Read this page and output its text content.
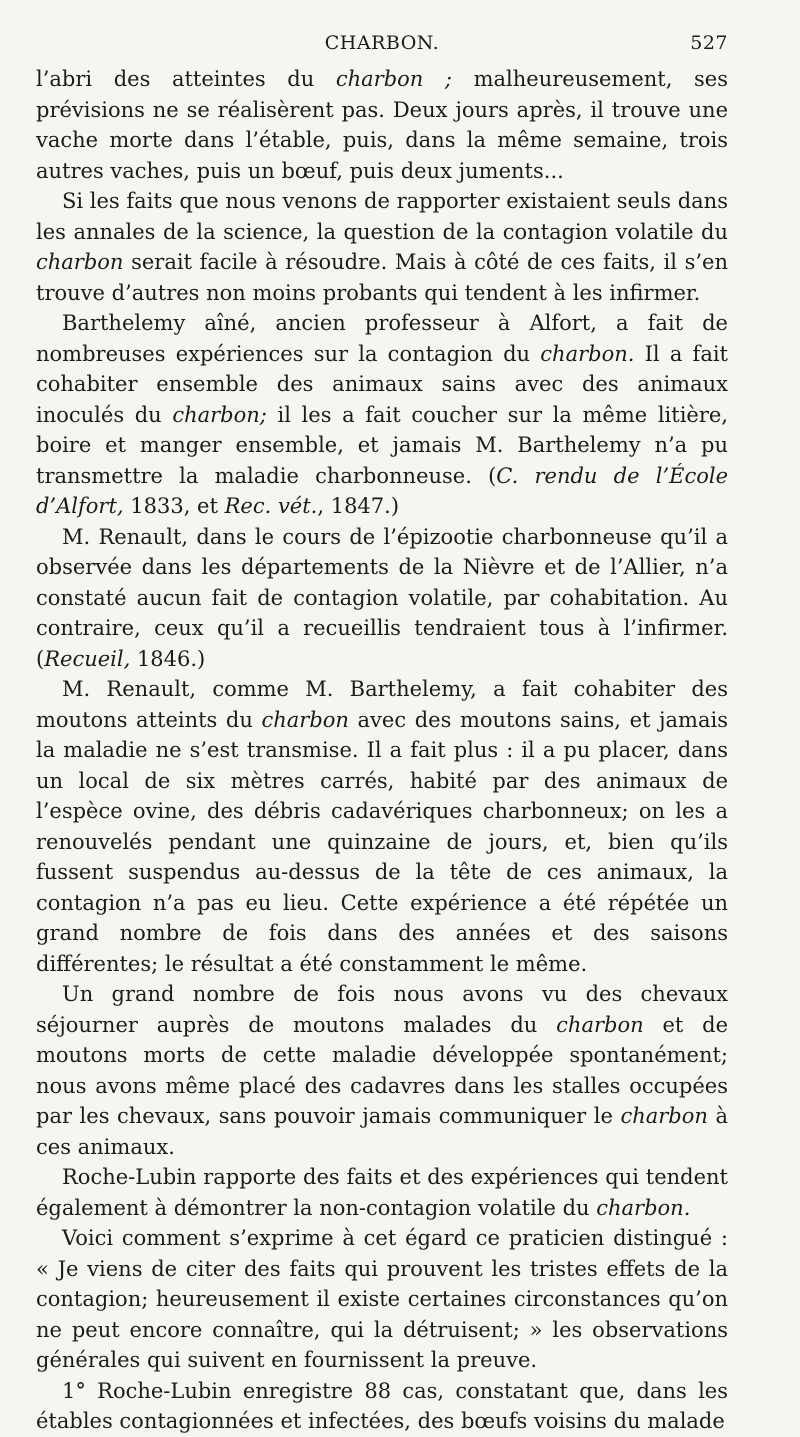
CHARBON.	527

l’abri des atteintes du charbon ; malheureusement, ses prévisions ne se réalisèrent pas. Deux jours après, il trouve une vache morte dans l’étable, puis, dans la même semaine, trois autres vaches, puis un bœuf, puis deux juments...

Si les faits que nous venons de rapporter existaient seuls dans les annales de la science, la question de la contagion volatile du charbon serait facile à résoudre. Mais à côté de ces faits, il s’en trouve d’autres non moins probants qui tendent à les infirmer.

Barthelemy aîné, ancien professeur à Alfort, a fait de nombreuses expériences sur la contagion du charbon. Il a fait cohabiter ensemble des animaux sains avec des animaux inoculés du charbon; il les a fait coucher sur la même litière, boire et manger ensemble, et jamais M. Barthelemy n’a pu transmettre la maladie charbonneuse. (C. rendu de l’École d’Alfort, 1833, et Rec. vét., 1847.)

M. Renault, dans le cours de l’épizootie charbonneuse qu’il a observée dans les départements de la Nièvre et de l’Allier, n’a constaté aucun fait de contagion volatile, par cohabitation. Au contraire, ceux qu’il a recueillis tendraient tous à l’infirmer. (Recueil, 1846.)

M. Renault, comme M. Barthelemy, a fait cohabiter des moutons atteints du charbon avec des moutons sains, et jamais la maladie ne s’est transmise. Il a fait plus : il a pu placer, dans un local de six mètres carrés, habité par des animaux de l’espèce ovine, des débris cadavériques charbonneux; on les a renouvelés pendant une quinzaine de jours, et, bien qu’ils fussent suspendus au-dessus de la tête de ces animaux, la contagion n’a pas eu lieu. Cette expérience a été répétée un grand nombre de fois dans des années et des saisons différentes; le résultat a été constamment le même.

Un grand nombre de fois nous avons vu des chevaux séjourner auprès de moutons malades du charbon et de moutons morts de cette maladie développée spontanément; nous avons même placé des cadavres dans les stalles occupées par les chevaux, sans pouvoir jamais communiquer le charbon à ces animaux.

Roche-Lubin rapporte des faits et des expériences qui tendent également à démontrer la non-contagion volatile du charbon.

Voici comment s’exprime à cet égard ce praticien distingué : « Je viens de citer des faits qui prouvent les tristes effets de la contagion; heureusement il existe certaines circonstances qu’on ne peut encore connaître, qui la détruisent; » les observations générales qui suivent en fournissent la preuve.

1° Roche-Lubin enregistre 88 cas, constatant que, dans les étables contagionnées et infectées, des bœufs voisins du malade
